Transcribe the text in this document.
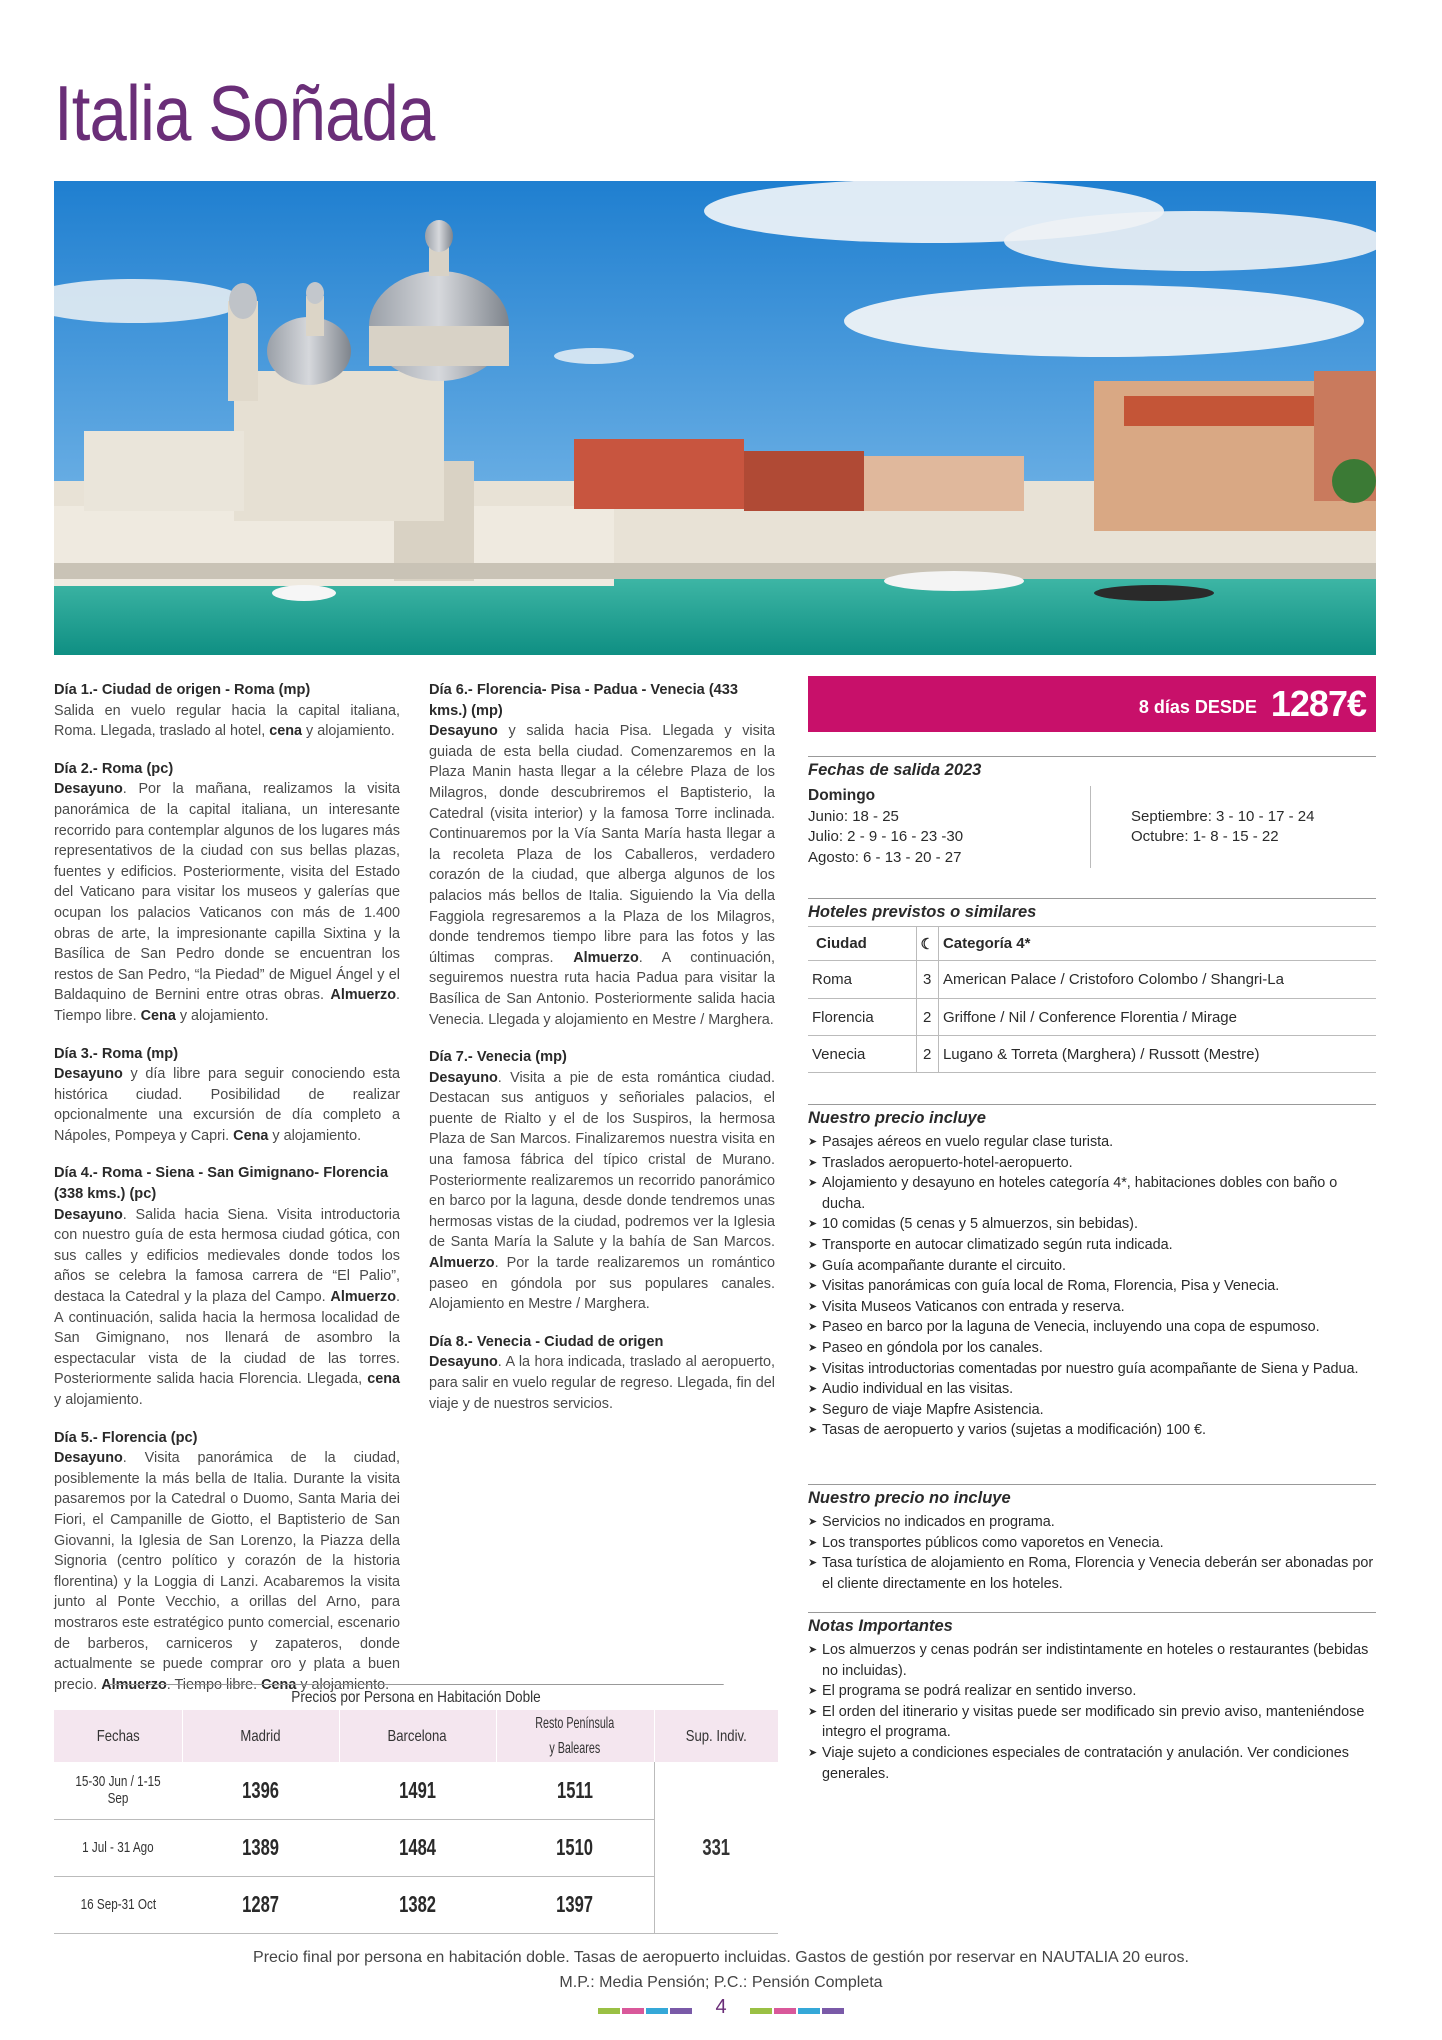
Italia Soñada
Día 1.- Ciudad de origen - Roma (mp)

Salida en vuelo regular hacia la capital italiana, Roma. Llegada, traslado al hotel, cena y alojamiento.

Día 2.- Roma (pc)

Desayuno. Por la mañana, realizamos la visita panorámica de la capital italiana, un interesante recorrido para contemplar algunos de los lugares más representativos de la ciudad con sus bellas plazas, fuentes y edificios. Posteriormente, visita del Estado del Vaticano para visitar los museos y galerías que ocupan los palacios Vaticanos con más de 1.400 obras de arte, la impresionante capilla Sixtina y la Basílica de San Pedro donde se encuentran los restos de San Pedro, “la Piedad” de Miguel Ángel y el Baldaquino de Bernini entre otras obras. Almuerzo. Tiempo libre. Cena y alojamiento.

Día 3.- Roma (mp)

Desayuno y día libre para seguir conociendo esta histórica ciudad. Posibilidad de realizar opcionalmente una excursión de día completo a Nápoles, Pompeya y Capri. Cena y alojamiento.

Día 4.- Roma - Siena - San Gimignano- Florencia (338 kms.) (pc)

Desayuno. Salida hacia Siena. Visita introductoria con nuestro guía de esta hermosa ciudad gótica, con sus calles y edificios medievales donde todos los años se celebra la famosa carrera de “El Palio”, destaca la Catedral y la plaza del Campo. Almuerzo. A continuación, salida hacia la hermosa localidad de San Gimignano, nos llenará de asombro la espectacular vista de la ciudad de las torres. Posteriormente salida hacia Florencia. Llegada, cena y alojamiento.

Día 5.- Florencia (pc)

Desayuno. Visita panorámica de la ciudad, posiblemente la más bella de Italia. Durante la visita pasaremos por la Catedral o Duomo, Santa Maria dei Fiori, el Campanille de Giotto, el Baptisterio de San Giovanni, la Iglesia de San Lorenzo, la Piazza della Signoria (centro político y corazón de la historia florentina) y la Loggia di Lanzi. Acabaremos la visita junto al Ponte Vecchio, a orillas del Arno, para mostraros este estratégico punto comercial, escenario de barberos, carniceros y zapateros, donde actualmente se puede comprar oro y plata a buen precio. Almuerzo. Tiempo libre. Cena y alojamiento.

Día 6.- Florencia- Pisa - Padua - Venecia (433 kms.) (mp)

Desayuno y salida hacia Pisa. Llegada y visita guiada de esta bella ciudad. Comenzaremos en la Plaza Manin hasta llegar a la célebre Plaza de los Milagros, donde descubriremos el Baptisterio, la Catedral (visita interior) y la famosa Torre inclinada. Continuaremos por la Vía Santa María hasta llegar a la recoleta Plaza de los Caballeros, verdadero corazón de la ciudad, que alberga algunos de los palacios más bellos de Italia. Siguiendo la Via della Faggiola regresaremos a la Plaza de los Milagros, donde tendremos tiempo libre para las fotos y las últimas compras. Almuerzo. A continuación, seguiremos nuestra ruta hacia Padua para visitar la Basílica de San Antonio. Posteriormente salida hacia Venecia. Llegada y alojamiento en Mestre / Marghera.

Día 7.- Venecia (mp)

Desayuno. Visita a pie de esta romántica ciudad. Destacan sus antiguos y señoriales palacios, el puente de Rialto y el de los Suspiros, la hermosa Plaza de San Marcos. Finalizaremos nuestra visita en una famosa fábrica del típico cristal de Murano. Posteriormente realizaremos un recorrido panorámico en barco por la laguna, desde donde tendremos unas hermosas vistas de la ciudad, podremos ver la Iglesia de Santa María la Salute y la bahía de San Marcos. Almuerzo. Por la tarde realizaremos un romántico paseo en góndola por sus populares canales. Alojamiento en Mestre / Marghera.

Día 8.- Venecia - Ciudad de origen

Desayuno. A la hora indicada, traslado al aeropuerto, para salir en vuelo regular de regreso. Llegada, fin del viaje y de nuestros servicios.

8 días DESDE 1287€
Fechas de salida 2023
Domingo
Junio: 18 - 25
Julio: 2 - 9 - 16 - 23 -30
Agosto: 6 - 13 - 20 - 27
Septiembre: 3 - 10 - 17 - 24
Octubre: 1- 8 - 15 - 22
Hoteles previstos o similares
Ciudad	☾	Categoría 4*
Roma	3	American Palace / Cristoforo Colombo / Shangri-La
Florencia	2	Griffone / Nil / Conference Florentia / Mirage
Venecia	2	Lugano & Torreta (Marghera) / Russott (Mestre)
Nuestro precio incluye
➤ Pasajes aéreos en vuelo regular clase turista.
➤ Traslados aeropuerto-hotel-aeropuerto.
➤ Alojamiento y desayuno en hoteles categoría 4*, habitaciones dobles con baño o ducha.
➤ 10 comidas (5 cenas y 5 almuerzos, sin bebidas).
➤ Transporte en autocar climatizado según ruta indicada.
➤ Guía acompañante durante el circuito.
➤ Visitas panorámicas con guía local de Roma, Florencia, Pisa y Venecia.
➤ Visita Museos Vaticanos con entrada y reserva.
➤ Paseo en barco por la laguna de Venecia, incluyendo una copa de espumoso.
➤ Paseo en góndola por los canales.
➤ Visitas introductorias comentadas por nuestro guía acompañante de Siena y Padua.
➤ Audio individual en las visitas.
➤ Seguro de viaje Mapfre Asistencia.
➤ Tasas de aeropuerto y varios (sujetas a modificación) 100 €.
Nuestro precio no incluye
➤ Servicios no indicados en programa.
➤ Los transportes públicos como vaporetos en Venecia.
➤ Tasa turística de alojamiento en Roma, Florencia y Venecia deberán ser abonadas por el cliente directamente en los hoteles.
Notas Importantes
➤ Los almuerzos y cenas podrán ser indistintamente en hoteles o restaurantes (bebidas no incluidas).
➤ El programa se podrá realizar en sentido inverso.
➤ El orden del itinerario y visitas puede ser modificado sin previo aviso, manteniéndose integro el programa.
➤ Viaje sujeto a condiciones especiales de contratación y anulación. Ver condiciones generales.
Precios por Persona en Habitación Doble
Fechas	Madrid	Barcelona	Resto Península
y Baleares	Sup. Indiv.
15-30 Jun / 1-15 Sep	1396	1491	1511	331
1 Jul - 31 Ago	1389	1484	1510	
16 Sep-31 Oct	1287	1382	1397	
Precio final por persona en habitación doble. Tasas de aeropuerto incluidas. Gastos de gestión por reservar en NAUTALIA 20 euros.
M.P.: Media Pensión; P.C.: Pensión Completa
4
